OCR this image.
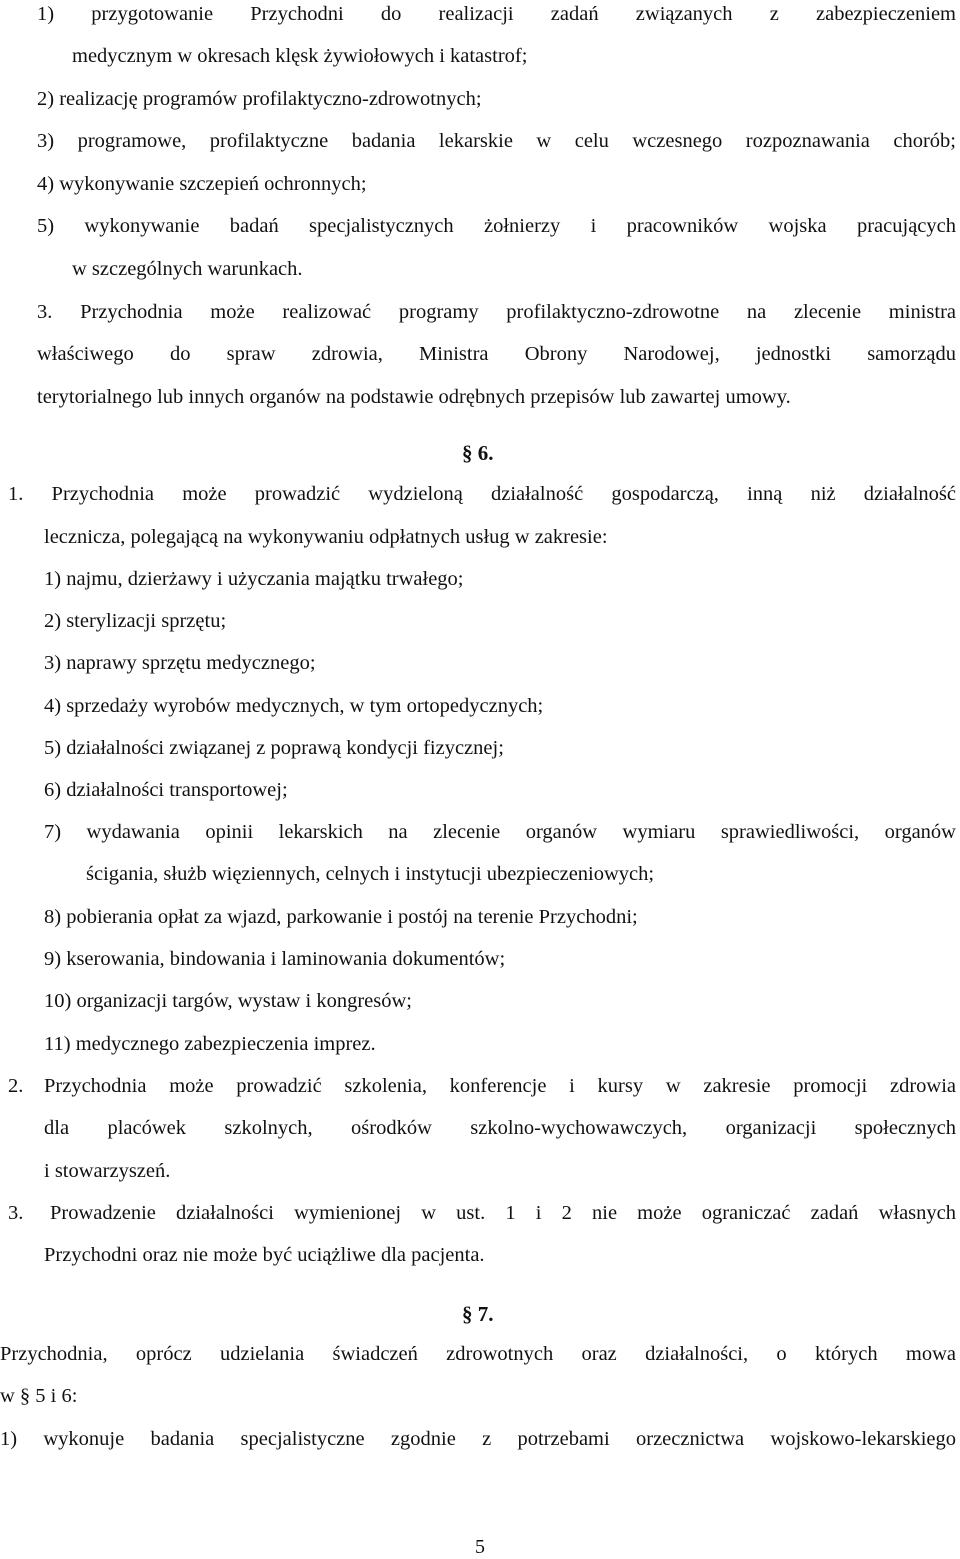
1) przygotowanie Przychodni do realizacji zadań związanych z zabezpieczeniem
medycznym w okresach klęsk żywiołowych i katastrof;
2) realizację programów profilaktyczno-zdrowotnych;
3) programowe, profilaktyczne badania lekarskie w celu wczesnego rozpoznawania chorób;
4) wykonywanie szczepień ochronnych;
5) wykonywanie badań specjalistycznych żołnierzy i pracowników wojska pracujących
w szczególnych warunkach.
3. Przychodnia może realizować programy profilaktyczno-zdrowotne na zlecenie ministra
właściwego do spraw zdrowia, Ministra Obrony Narodowej, jednostki samorządu
terytorialnego lub innych organów na podstawie odrębnych przepisów lub zawartej umowy.
§ 6.
1. Przychodnia może prowadzić wydzieloną działalność gospodarczą, inną niż działalność
lecznicza, polegającą na wykonywaniu odpłatnych usług w zakresie:
1) najmu, dzierżawy i użyczania majątku trwałego;
2) sterylizacji sprzętu;
3) naprawy sprzętu medycznego;
4) sprzedaży wyrobów medycznych, w tym ortopedycznych;
5) działalności związanej z poprawą kondycji fizycznej;
6) działalności transportowej;
7) wydawania opinii lekarskich na zlecenie organów wymiaru sprawiedliwości, organów
ścigania, służb więziennych, celnych i instytucji ubezpieczeniowych;
8) pobierania opłat za wjazd, parkowanie i postój na terenie Przychodni;
9) kserowania, bindowania i laminowania dokumentów;
10) organizacji targów, wystaw i kongresów;
11) medycznego zabezpieczenia imprez.
2. Przychodnia może prowadzić szkolenia, konferencje i kursy w zakresie promocji zdrowia
dla placówek szkolnych, ośrodków szkolno-wychowawczych, organizacji społecznych
i stowarzyszeń.
3. Prowadzenie działalności wymienionej w ust. 1 i 2 nie może ograniczać zadań własnych
Przychodni oraz nie może być uciążliwe dla pacjenta.
§ 7.
Przychodnia, oprócz udzielania świadczeń zdrowotnych oraz działalności, o których mowa
w § 5 i 6:
1) wykonuje badania specjalistyczne zgodnie z potrzebami orzecznictwa wojskowo-lekarskiego
5
